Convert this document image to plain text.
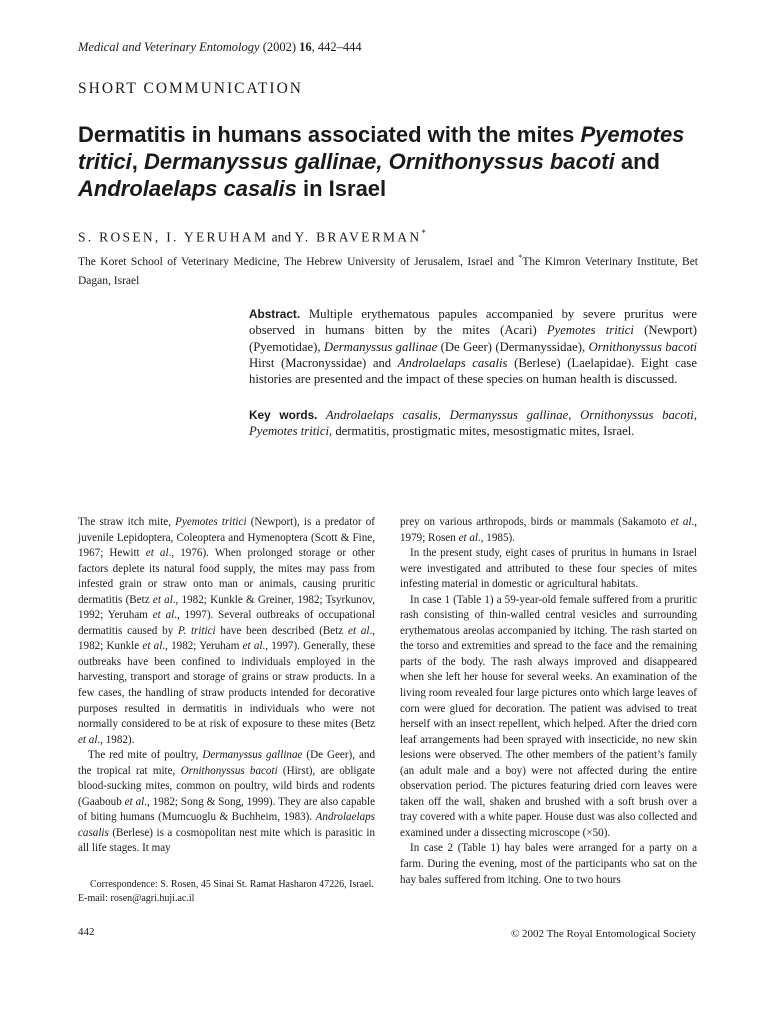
Medical and Veterinary Entomology (2002) 16, 442–444
SHORT COMMUNICATION
Dermatitis in humans associated with the mites Pyemotes tritici, Dermanyssus gallinae, Ornithonyssus bacoti and Androlaelaps casalis in Israel
S. ROSEN, I. YERUHAM and Y. BRAVERMAN*
The Koret School of Veterinary Medicine, The Hebrew University of Jerusalem, Israel and *The Kimron Veterinary Institute, Bet Dagan, Israel

Abstract. Multiple erythematous papules accompanied by severe pruritus were observed in humans bitten by the mites (Acari) Pyemotes tritici (Newport) (Pyemotidae), Dermanyssus gallinae (De Geer) (Dermanyssidae), Ornithonyssus bacoti Hirst (Macronyssidae) and Androlaelaps casalis (Berlese) (Laelapidae). Eight case histories are presented and the impact of these species on human health is discussed.

Key words. Androlaelaps casalis, Dermanyssus gallinae, Ornithonyssus bacoti, Pyemotes tritici, dermatitis, prostigmatic mites, mesostigmatic mites, Israel.

The straw itch mite, Pyemotes tritici (Newport), is a predator of juvenile Lepidoptera, Coleoptera and Hymenoptera (Scott & Fine, 1967; Hewitt et al., 1976). When prolonged storage or other factors deplete its natural food supply, the mites may pass from infested grain or straw onto man or animals, causing pruritic dermatitis (Betz et al., 1982; Kunkle & Greiner, 1982; Tsyrkunov, 1992; Yeruham et al., 1997). Several outbreaks of occupational dermatitis caused by P. tritici have been described (Betz et al., 1982; Kunkle et al., 1982; Yeruham et al., 1997). Generally, these outbreaks have been confined to individuals employed in the harvesting, transport and storage of grains or straw products. In a few cases, the handling of straw products intended for decorative purposes resulted in dermatitis in individuals who were not normally considered to be at risk of exposure to these mites (Betz et al., 1982).

The red mite of poultry, Dermanyssus gallinae (De Geer), and the tropical rat mite, Ornithonyssus bacoti (Hirst), are obligate blood-sucking mites, common on poultry, wild birds and rodents (Gaaboub et al., 1982; Song & Song, 1999). They are also capable of biting humans (Mumcuoglu & Buchheim, 1983). Androlaelaps casalis (Berlese) is a cosmopolitan nest mite which is parasitic in all life stages. It may

prey on various arthropods, birds or mammals (Sakamoto et al., 1979; Rosen et al., 1985).

In the present study, eight cases of pruritus in humans in Israel were investigated and attributed to these four species of mites infesting material in domestic or agricultural habitats.

In case 1 (Table 1) a 59-year-old female suffered from a pruritic rash consisting of thin-walled central vesicles and surrounding erythematous areolas accompanied by itching. The rash started on the torso and extremities and spread to the face and the remaining parts of the body. The rash always improved and disappeared when she left her house for several weeks. An examination of the living room revealed four large pictures onto which large leaves of corn were glued for decoration. The patient was advised to treat herself with an insect repellent, which helped. After the dried corn leaf arrangements had been sprayed with insecticide, no new skin lesions were observed. The other members of the patient’s family (an adult male and a boy) were not affected during the entire observation period. The pictures featuring dried corn leaves were taken off the wall, shaken and brushed with a soft brush over a tray covered with a white paper. House dust was also collected and examined under a dissecting microscope (×50).

In case 2 (Table 1) hay bales were arranged for a party on a farm. During the evening, most of the participants who sat on the hay bales suffered from itching. One to two hours

Correspondence: S. Rosen, 45 Sinai St. Ramat Hasharon 47226, Israel. E-mail: rosen@agri.huji.ac.il
442	© 2002 The Royal Entomological Society
